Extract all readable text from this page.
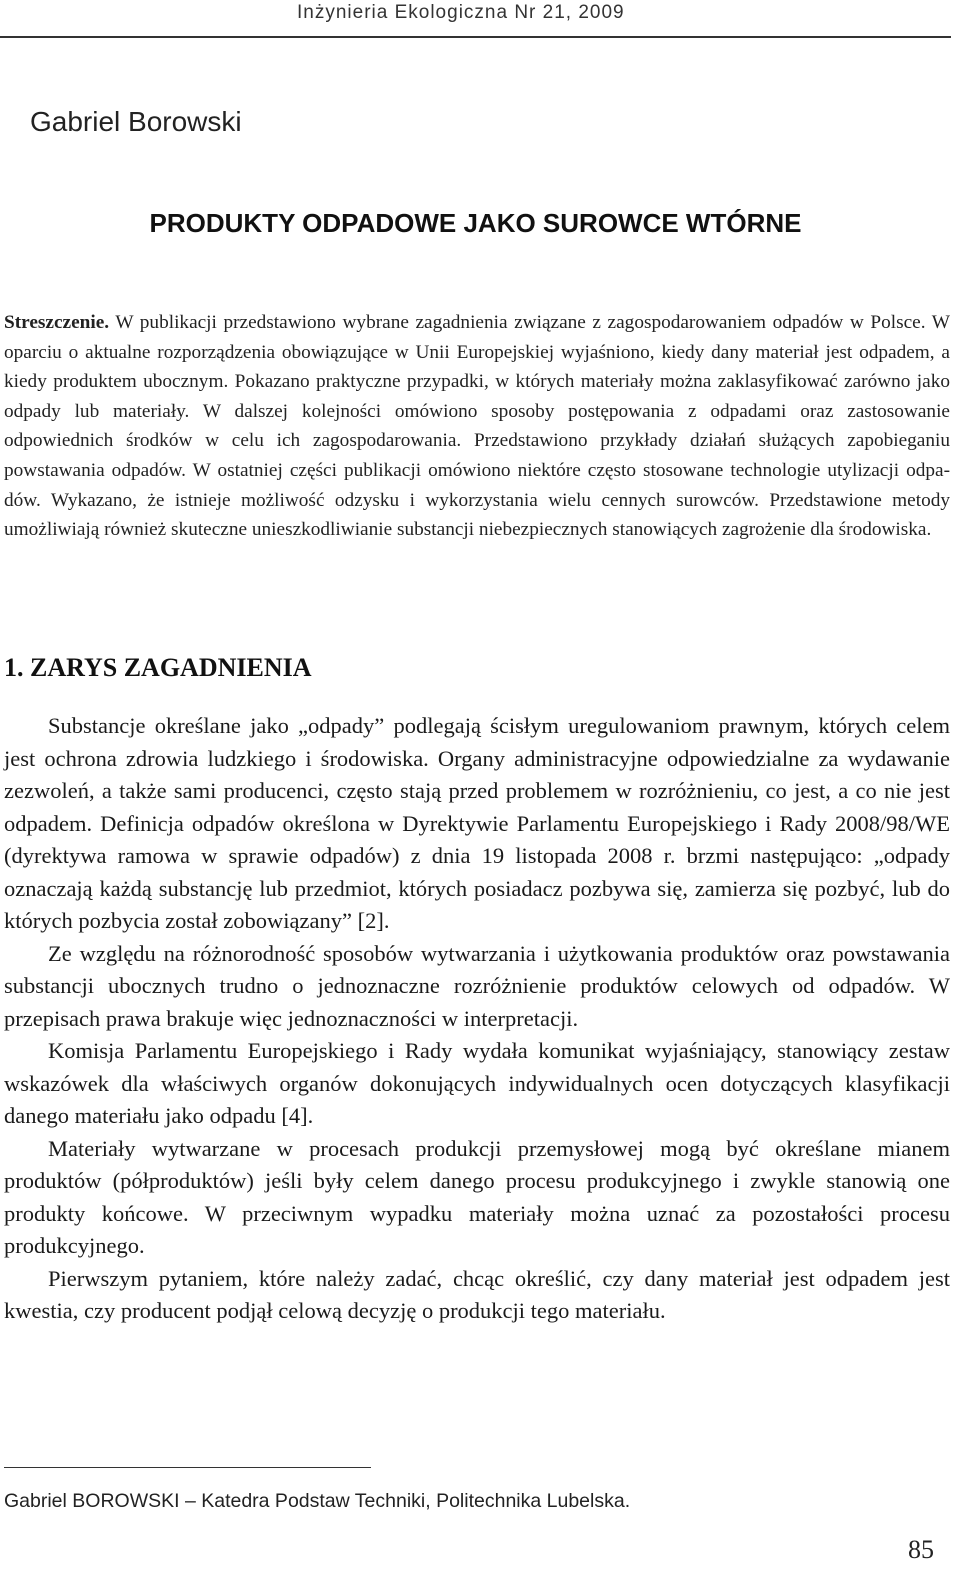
Inżynieria Ekologiczna Nr 21, 2009
Gabriel Borowski
PRODUKTY ODPADOWE JAKO SUROWCE WTÓRNE
Streszczenie. W publikacji przedstawiono wybrane zagadnienia związane z zagospodarowaniem odpadów w Polsce. W oparciu o aktualne rozporządzenia obowiązujące w Unii Europejskiej wyjaśniono, kiedy dany materiał jest odpadem, a kiedy produktem ubocznym. Pokazano praktyczne przypadki, w których materiały można zaklasyfikować zarówno jako odpady lub materiały. W dalszej kolejności omówiono sposoby postępowania z odpadami oraz zastosowanie odpowiednich środków w celu ich zagospodarowania. Przedstawiono przykłady działań służących zapobieganiu powstawania odpadów. W ostatniej części publikacji omówiono niektóre często stosowane technologie utylizacji odpadów. Wykazano, że istnieje możliwość odzysku i wykorzystania wielu cennych surowców. Przedstawione metody umożliwiają również skuteczne unieszkodliwianie substancji niebezpiecznych stanowiących zagrożenie dla środowiska.
1. ZARYS ZAGADNIENIA

Substancje określane jako „odpady” podlegają ścisłym uregulowaniom prawnym, których celem jest ochrona zdrowia ludzkiego i środowiska. Organy administracyjne odpowiedzialne za wydawanie zezwoleń, a także sami producenci, często stają przed problemem w rozróżnieniu, co jest, a co nie jest odpadem. Definicja odpadów określona w Dyrektywie Parlamentu Europejskiego i Rady 2008/98/WE (dyrektywa ramowa w sprawie odpadów) z dnia 19 listopada 2008 r. brzmi następująco: „odpady oznaczają każdą substancję lub przedmiot, których posiadacz pozbywa się, zamierza się pozbyć, lub do których pozbycia został zobowiązany” [2].

Ze względu na różnorodność sposobów wytwarzania i użytkowania produktów oraz powstawania substancji ubocznych trudno o jednoznaczne rozróżnienie produktów celowych od odpadów. W przepisach prawa brakuje więc jednoznaczności w interpretacji.

Komisja Parlamentu Europejskiego i Rady wydała komunikat wyjaśniający, stanowiący zestaw wskazówek dla właściwych organów dokonujących indywidualnych ocen dotyczących klasyfikacji danego materiału jako odpadu [4].

Materiały wytwarzane w procesach produkcji przemysłowej mogą być określane mianem produktów (półproduktów) jeśli były celem danego procesu produkcyjnego i zwykle stanowią one produkty końcowe. W przeciwnym wypadku materiały można uznać za pozostałości procesu produkcyjnego.

Pierwszym pytaniem, które należy zadać, chcąc określić, czy dany materiał jest odpadem jest kwestia, czy producent podjął celową decyzję o produkcji tego materiału.

Gabriel BOROWSKI – Katedra Podstaw Techniki, Politechnika Lubelska.
85
